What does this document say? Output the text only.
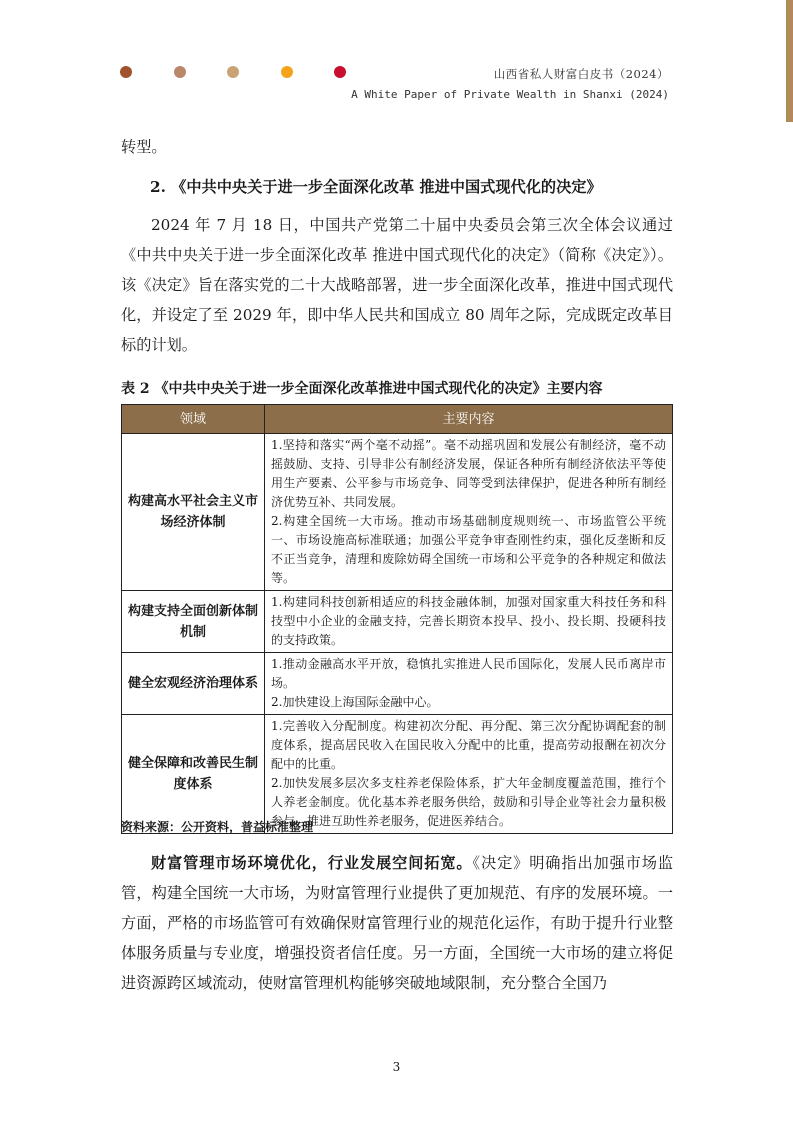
山西省私人财富白皮书（2024）
A White Paper of Private Wealth in Shanxi (2024)
转型。
2. 《中共中央关于进一步全面深化改革 推进中国式现代化的决定》
2024 年 7 月 18 日，中国共产党第二十届中央委员会第三次全体会议通过《中共中央关于进一步全面深化改革 推进中国式现代化的决定》（简称《决定》）。该《决定》旨在落实党的二十大战略部署，进一步全面深化改革，推进中国式现代化，并设定了至 2029 年，即中华人民共和国成立 80 周年之际，完成既定改革目标的计划。
表 2 《中共中央关于进一步全面深化改革推进中国式现代化的决定》主要内容
领域	主要内容
构建高水平社会主义市场经济体制	1.坚持和落实“两个毫不动摇”。毫不动摇巩固和发展公有制经济，毫不动摇鼓励、支持、引导非公有制经济发展，保证各种所有制经济依法平等使用生产要素、公平参与市场竞争、同等受到法律保护，促进各种所有制经济优势互补、共同发展。
2.构建全国统一大市场。推动市场基础制度规则统一、市场监管公平统一、市场设施高标准联通；加强公平竞争审查刚性约束，强化反垄断和反不正当竞争，清理和废除妨碍全国统一市场和公平竞争的各种规定和做法等。

构建支持全面创新体制机制	1.构建同科技创新相适应的科技金融体制，加强对国家重大科技任务和科技型中小企业的金融支持，完善长期资本投早、投小、投长期、投硬科技的支持政策。

健全宏观经济治理体系	1.推动金融高水平开放，稳慎扎实推进人民币国际化，发展人民币离岸市场。
2.加快建设上海国际金融中心。

健全保障和改善民生制度体系	1.完善收入分配制度。构建初次分配、再分配、第三次分配协调配套的制度体系，提高居民收入在国民收入分配中的比重，提高劳动报酬在初次分配中的比重。
2.加快发展多层次多支柱养老保险体系，扩大年金制度覆盖范围，推行个人养老金制度。优化基本养老服务供给，鼓励和引导企业等社会力量积极参与，推进互助性养老服务，促进医养结合。
资料来源：公开资料，普益标准整理
财富管理市场环境优化，行业发展空间拓宽。《决定》明确指出加强市场监管，构建全国统一大市场，为财富管理行业提供了更加规范、有序的发展环境。一方面，严格的市场监管可有效确保财富管理行业的规范化运作，有助于提升行业整体服务质量与专业度，增强投资者信任度。另一方面，全国统一大市场的建立将促进资源跨区域流动，使财富管理机构能够突破地域限制，充分整合全国乃
3
